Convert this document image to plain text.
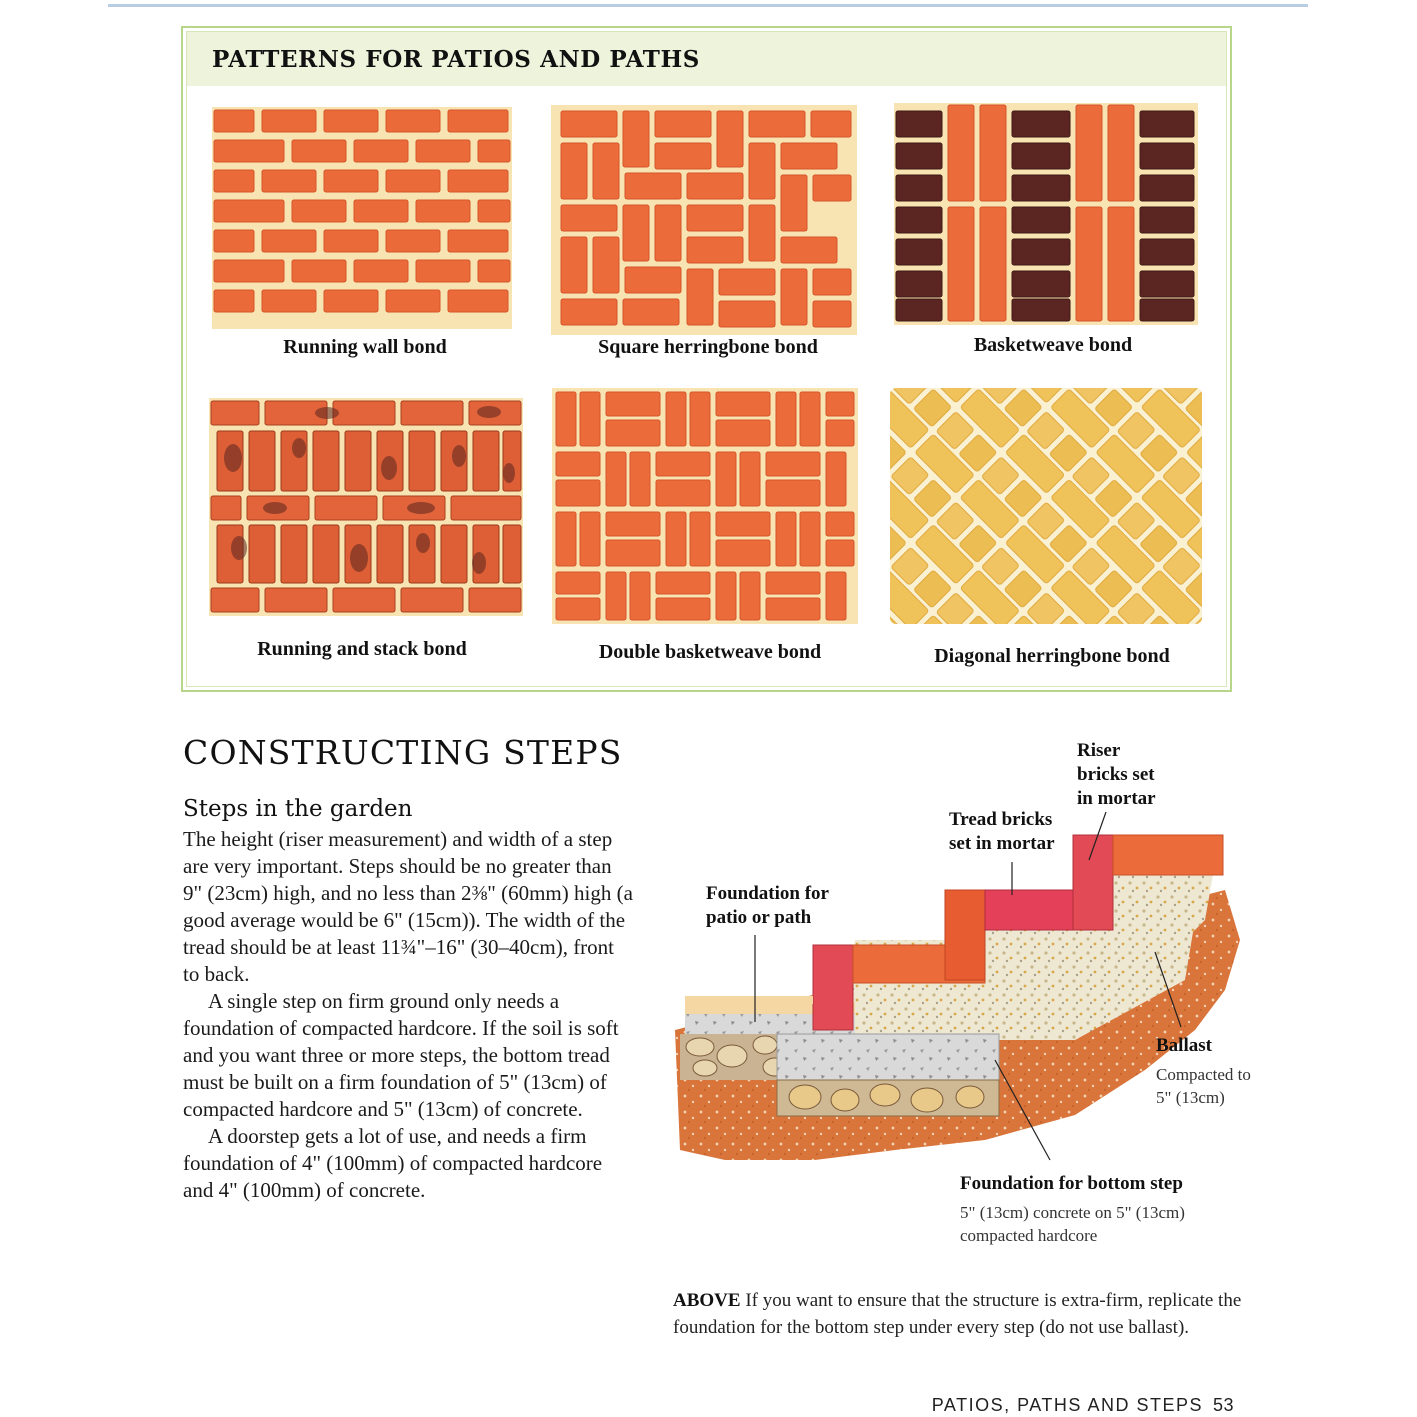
PATTERNS FOR PATIOS AND PATHS
Running wall bond	Square herringbone bond	Basketweave bond
Running and stack bond	Double basketweave bond	Diagonal herringbone bond
CONSTRUCTING STEPS
Steps in the garden

The height (riser measurement) and width of a step are very important. Steps should be no greater than 9" (23cm) high, and no less than 2⅜" (60mm) high (a good average would be 6" (15cm)). The width of the tread should be at least 11¾"–16" (30–40cm), front to back.

A single step on firm ground only needs a foundation of compacted hardcore. If the soil is soft and you want three or more steps, the bottom tread must be built on a firm foundation of 5" (13cm) of compacted hardcore and 5" (13cm) of concrete.

A doorstep gets a lot of use, and needs a firm foundation of 4" (100mm) of compacted hardcore and 4" (100mm) of concrete.

Riser
bricks set
in mortar
Tread bricks
set in mortar
Foundation for
patio or path
Ballast
Compacted to
5" (13cm)
Foundation for bottom step
5" (13cm) concrete on 5" (13cm)
compacted hardcore
ABOVE If you want to ensure that the structure is extra-firm, replicate the foundation for the bottom step under every step (do not use ballast).
PATIOS, PATHS AND STEPS 53
